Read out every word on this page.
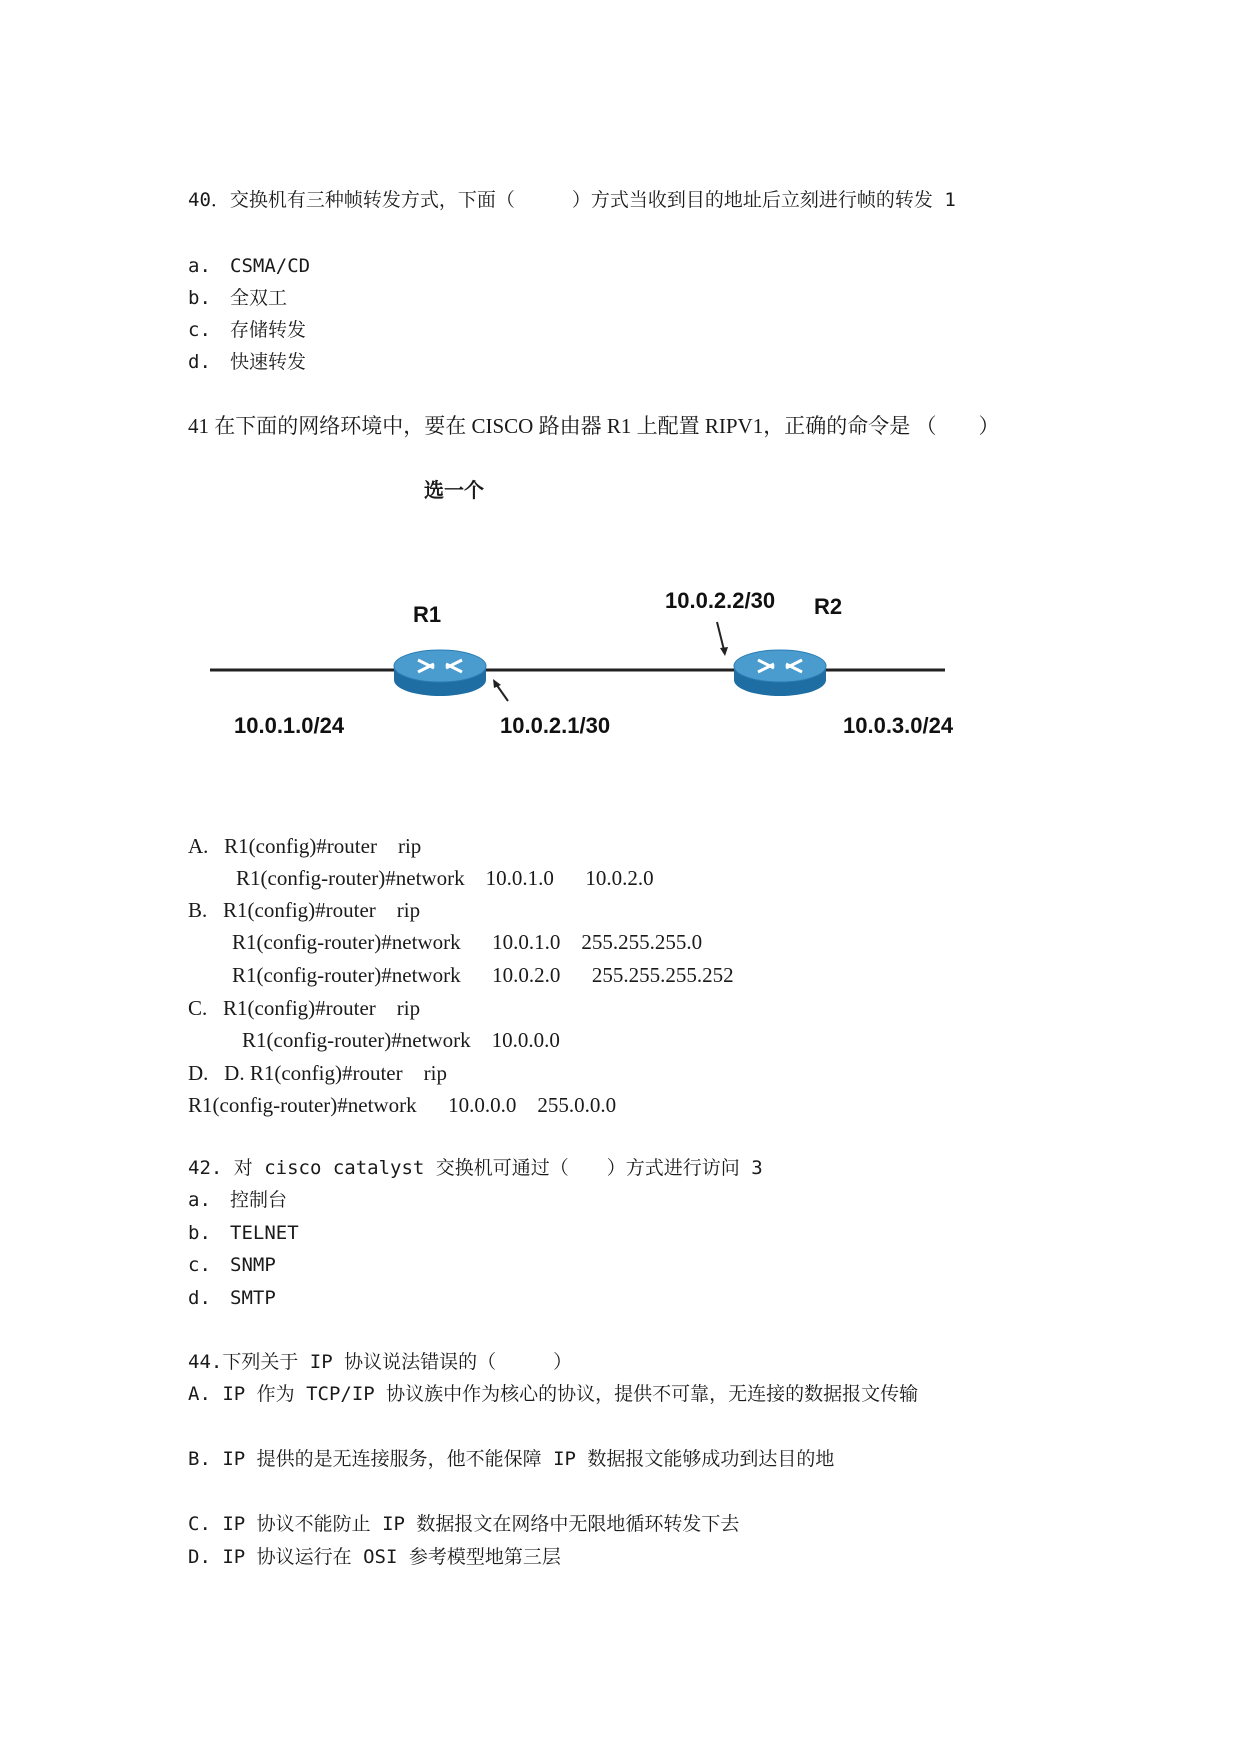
40．交换机有三种帧转发方式，下面（　　　）方式当收到目的地址后立刻进行帧的转发 1
a. CSMA/CD
b. 全双工
c. 存储转发
d. 快速转发
41 在下面的网络环境中，要在 CISCO 路由器 R1 上配置 RIPV1，正确的命令是 （　　）
选一个
R1	R2
10.0.2.2/30
10.0.1.0/24	10.0.2.1/30	10.0.3.0/24
A.   R1(config)#router    rip
R1(config-router)#network    10.0.1.0      10.0.2.0
B.   R1(config)#router    rip
R1(config-router)#network      10.0.1.0    255.255.255.0
R1(config-router)#network      10.0.2.0      255.255.255.252
C.   R1(config)#router    rip
R1(config-router)#network    10.0.0.0
D.   D. R1(config)#router    rip
R1(config-router)#network      10.0.0.0    255.0.0.0
42. 对 cisco catalyst 交换机可通过（　　）方式进行访问 3
a. 控制台
b. TELNET
c. SNMP
d. SMTP
44.下列关于 IP 协议说法错误的（　　　）
A. IP 作为 TCP/IP 协议族中作为核心的协议，提供不可靠，无连接的数据报文传输
B. IP 提供的是无连接服务，他不能保障 IP 数据报文能够成功到达目的地
C. IP 协议不能防止 IP 数据报文在网络中无限地循环转发下去
D. IP 协议运行在 OSI 参考模型地第三层
